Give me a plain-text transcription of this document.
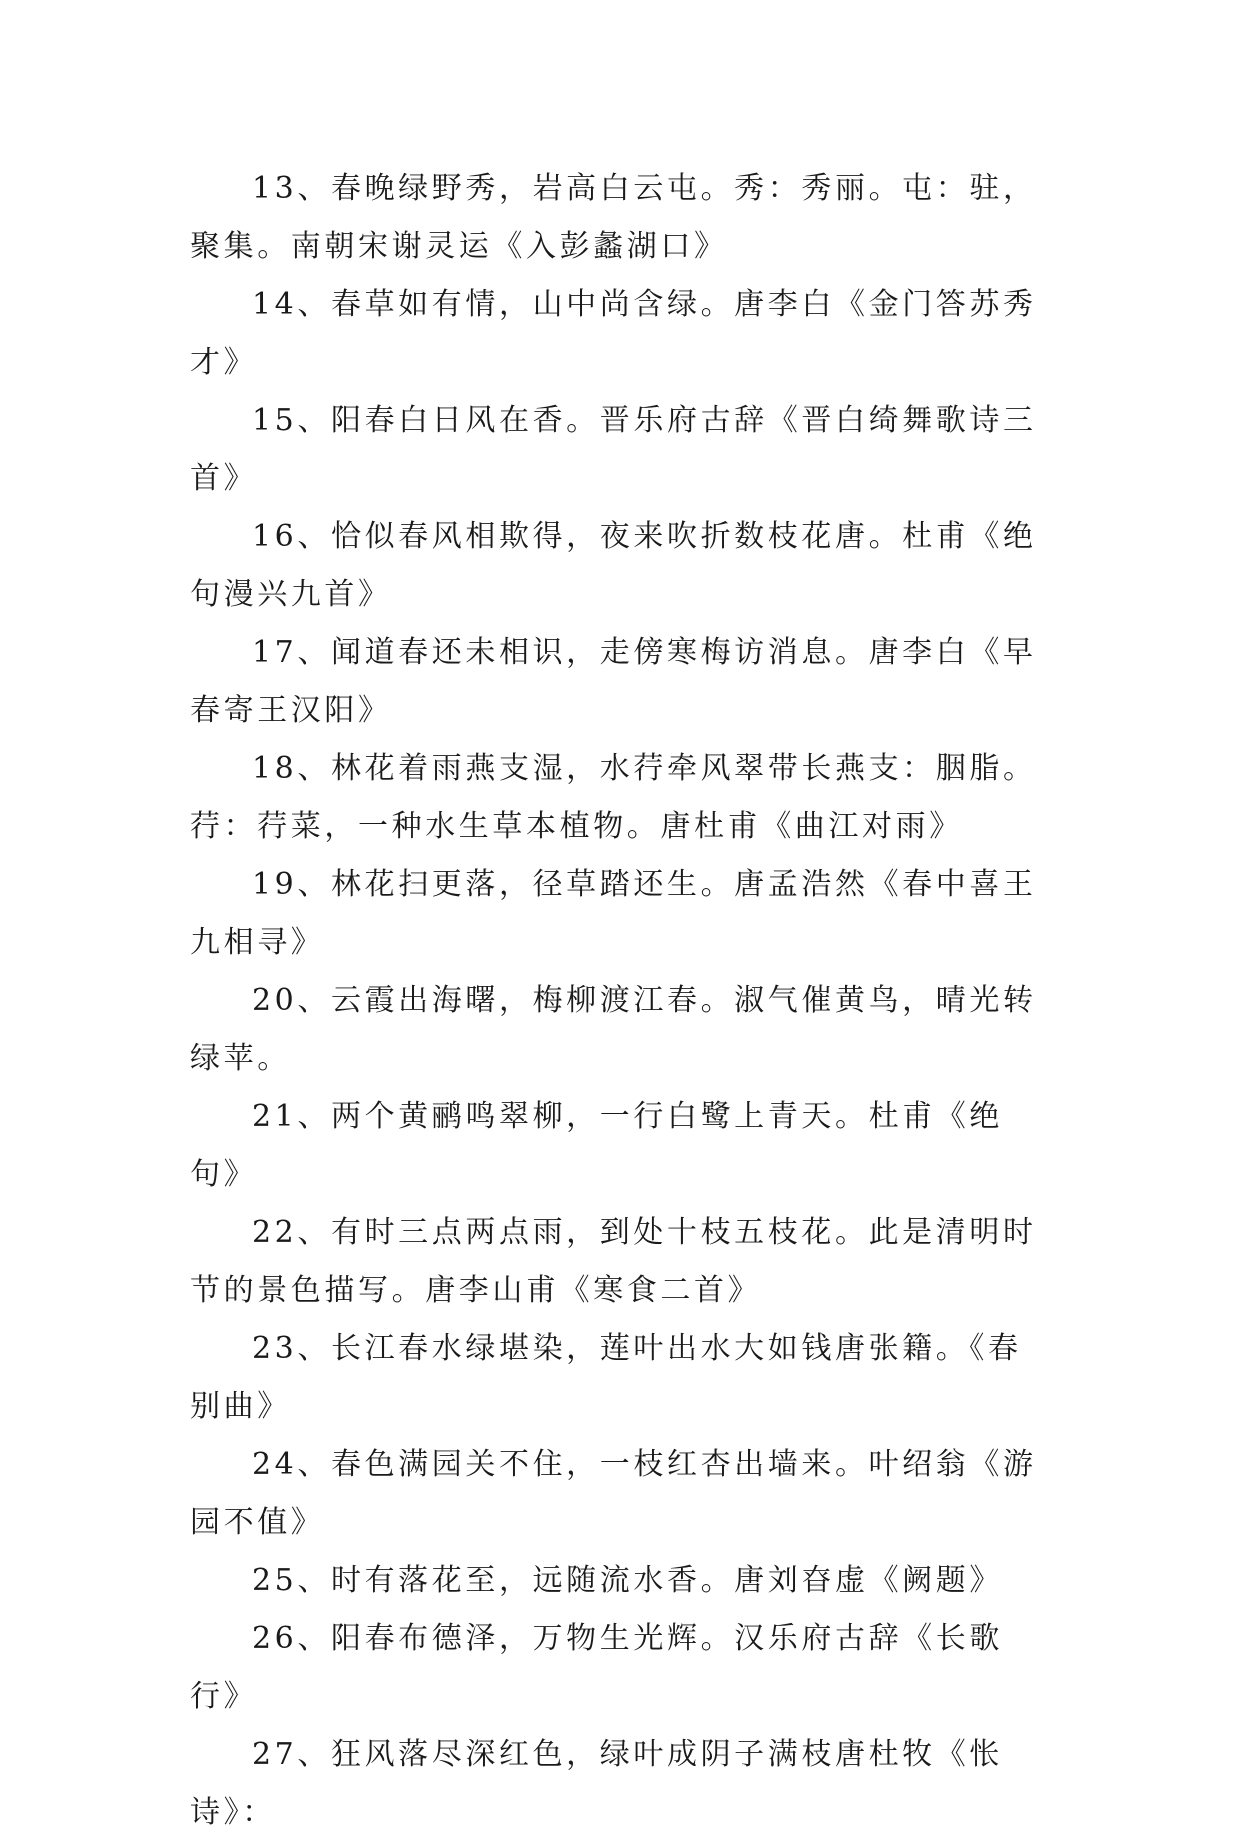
13、春晚绿野秀，岩高白云屯。秀：秀丽。屯：驻，聚集。南朝宋谢灵运《入彭蠡湖口》

14、春草如有情，山中尚含绿。唐李白《金门答苏秀才》

15、阳春白日风在香。晋乐府古辞《晋白绮舞歌诗三首》

16、恰似春风相欺得，夜来吹折数枝花唐。杜甫《绝句漫兴九首》

17、闻道春还未相识，走傍寒梅访消息。唐李白《早春寄王汉阳》

18、林花着雨燕支湿，水荇牵风翠带长燕支：胭脂。荇：荇菜，一种水生草本植物。唐杜甫《曲江对雨》

19、林花扫更落，径草踏还生。唐孟浩然《春中喜王九相寻》

20、云霞出海曙，梅柳渡江春。淑气催黄鸟，晴光转绿苹。

21、两个黄鹂鸣翠柳，一行白鹭上青天。杜甫《绝句》

22、有时三点两点雨，到处十枝五枝花。此是清明时节的景色描写。唐李山甫《寒食二首》

23、长江春水绿堪染，莲叶出水大如钱唐张籍。《春别曲》

24、春色满园关不住，一枝红杏出墙来。叶绍翁《游园不值》

25、时有落花至，远随流水香。唐刘昚虚《阙题》

26、阳春布德泽，万物生光辉。汉乐府古辞《长歌行》

27、狂风落尽深红色，绿叶成阴子满枝唐杜牧《怅诗》：
